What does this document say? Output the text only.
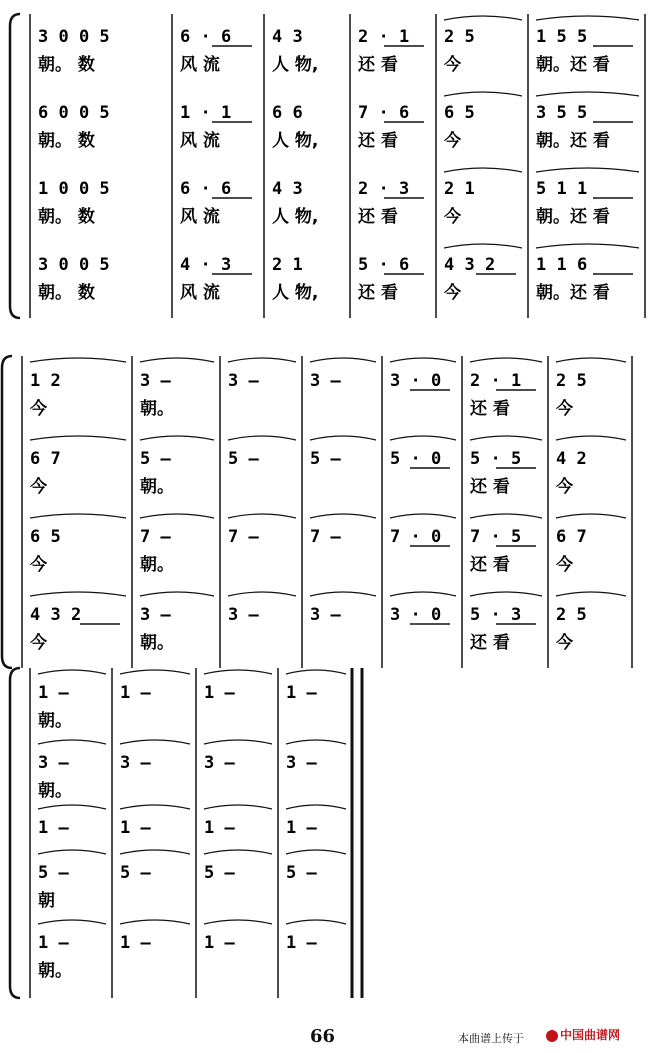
3 0 0 5
朝。 数
6 0 0 5
朝。 数
1 0 0 5
朝。 数
3 0 0 5
朝。 数
6 · 6
风 流
1 · 1
风 流
6 · 6
风 流
4 · 3
风 流
4 3
人 物,
6 6
人 物,
4 3
人 物,
2 1
人 物,
2 · 1
还 看
7 · 6
还 看
2 · 3
还 看
5 · 6
还 看
2 5
今
6 5
今
2 1
今
4 3 2
今
1 5 5
朝。还 看
3 5 5
朝。还 看
5 1 1
朝。还 看
1 1 6
朝。还 看
1 2
今
6 7
今
6 5
今
4 3 2
今
3 –
朝。
5 –
朝。
7 –
朝。
3 –
朝。
3 –
5 –
7 –
3 –
3 –
5 –
7 –
3 –
3 · 0
5 · 0
7 · 0
3 · 0
2 · 1
还 看
5 · 5
还 看
7 · 5
还 看
5 · 3
还 看
2 5
今
4 2
今
6 7
今
2 5
今
1 –
朝。
3 –
朝。
1 –
5 –
朝
1 –
朝。
1 –
3 –
1 –
5 –
1 –
1 –
3 –
1 –
5 –
1 –
1 –
3 –
1 –
5 –
1 –
66	本曲谱上传于	中国曲谱网
